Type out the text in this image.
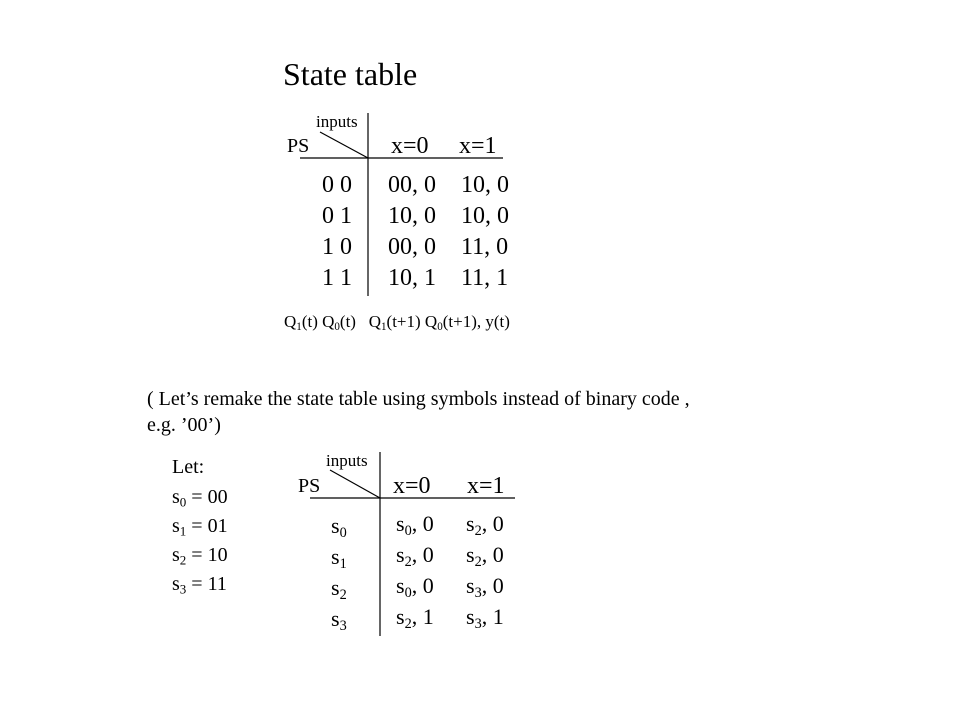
State table
inputs
PS	x=0 x=1
0 0 00, 0 10, 0
0 1 10, 0 10, 0
1 0 00, 0 11, 0
1 1 10, 1 11, 1
$Q_1(t)$ $Q_0(t)$ $Q_1(t+1)$ $Q_0(t+1)$, y(t)
( Let’s remake the state table using symbols instead of binary code ,
e.g. ’00’)
Let:
$s_0 = 00$
$s_1 = 01$
$s_2 = 10$
$s_3 = 11$
inputs
PS	x=0 x=1
$s_0$ $s_0$, 0 $s_2$, 0
$s_1$ $s_2$, 0 $s_2$, 0
$s_2$ $s_0$, 0 $s_3$, 0
$s_3$ $s_2$, 1 $s_3$, 1
